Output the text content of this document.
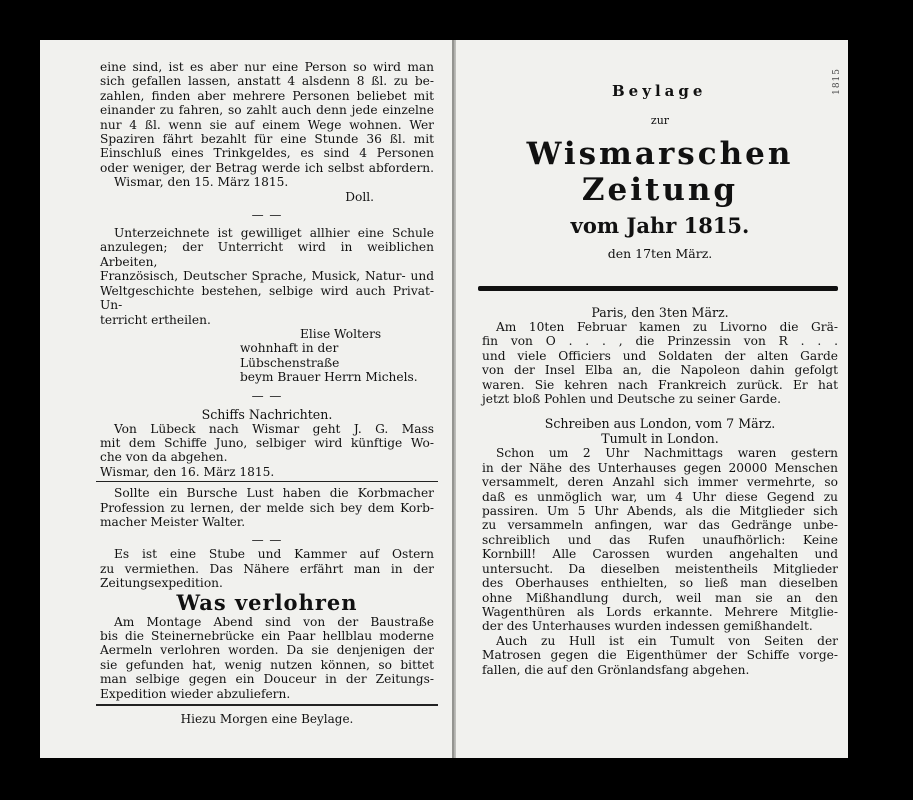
eine sind, ist es aber nur eine Person so wird man
sich gefallen lassen, anstatt 4 alsdenn 8 ßl. zu be-
zahlen, finden aber mehrere Personen beliebet mit
einander zu fahren, so zahlt auch denn jede einzelne
nur 4 ßl. wenn sie auf einem Wege wohnen. Wer
Spaziren fährt bezahlt für eine Stunde 36 ßl. mit
Einschluß eines Trinkgeldes, es sind 4 Personen
oder weniger, der Betrag werde ich selbst abfordern.
Wismar, den 15. März 1815.
Doll.
— —
Unterzeichnete ist gewilliget allhier eine Schule
anzulegen; der Unterricht wird in weiblichen Arbeiten,
Französisch, Deutscher Sprache, Musick, Natur- und
Weltgeschichte bestehen, selbige wird auch Privat-Un-
terricht ertheilen.
Elise Wolters
wohnhaft in der Lübschenstraße
beym Brauer Herrn Michels.
— —
Schiffs Nachrichten.
Von Lübeck nach Wismar geht J. G. Mass
mit dem Schiffe Juno, selbiger wird künftige Wo-
che von da abgehen.
Wismar, den 16. März 1815.
Sollte ein Bursche Lust haben die Korbmacher
Profession zu lernen, der melde sich bey dem Korb-
macher Meister Walter.
— —
Es ist eine Stube und Kammer auf Ostern
zu vermiethen. Das Nähere erfährt man in der
Zeitungsexpedition.
Was verlohren
Am Montage Abend sind von der Baustraße
bis die Steinernebrücke ein Paar hellblau moderne
Aermeln verlohren worden. Da sie denjenigen der
sie gefunden hat, wenig nutzen können, so bittet
man selbige gegen ein Douceur in der Zeitungs-
Expedition wieder abzuliefern.
Hiezu Morgen eine Beylage.
1815
Beylage
zur
Wismarschen Zeitung
vom Jahr 1815.
den 17ten März.
Paris, den 3ten März.
Am 10ten Februar kamen zu Livorno die Grä-
fin von O . . . , die Prinzessin von R . . .
und viele Officiers und Soldaten der alten Garde
von der Insel Elba an, die Napoleon dahin gefolgt
waren. Sie kehren nach Frankreich zurück. Er hat
jetzt bloß Pohlen und Deutsche zu seiner Garde.
Schreiben aus London, vom 7 März.
Tumult in London.
Schon um 2 Uhr Nachmittags waren gestern
in der Nähe des Unterhauses gegen 20000 Menschen
versammelt, deren Anzahl sich immer vermehrte, so
daß es unmöglich war, um 4 Uhr diese Gegend zu
passiren. Um 5 Uhr Abends, als die Mitglieder sich
zu versammeln anfingen, war das Gedränge unbe-
schreiblich und das Rufen unaufhörlich: Keine
Kornbill! Alle Carossen wurden angehalten und
untersucht. Da dieselben meistentheils Mitglieder
des Oberhauses enthielten, so ließ man dieselben
ohne Mißhandlung durch, weil man sie an den
Wagenthüren als Lords erkannte. Mehrere Mitglie-
der des Unterhauses wurden indessen gemißhandelt.
Auch zu Hull ist ein Tumult von Seiten der
Matrosen gegen die Eigenthümer der Schiffe vorge-
fallen, die auf den Grönlandsfang abgehen.
